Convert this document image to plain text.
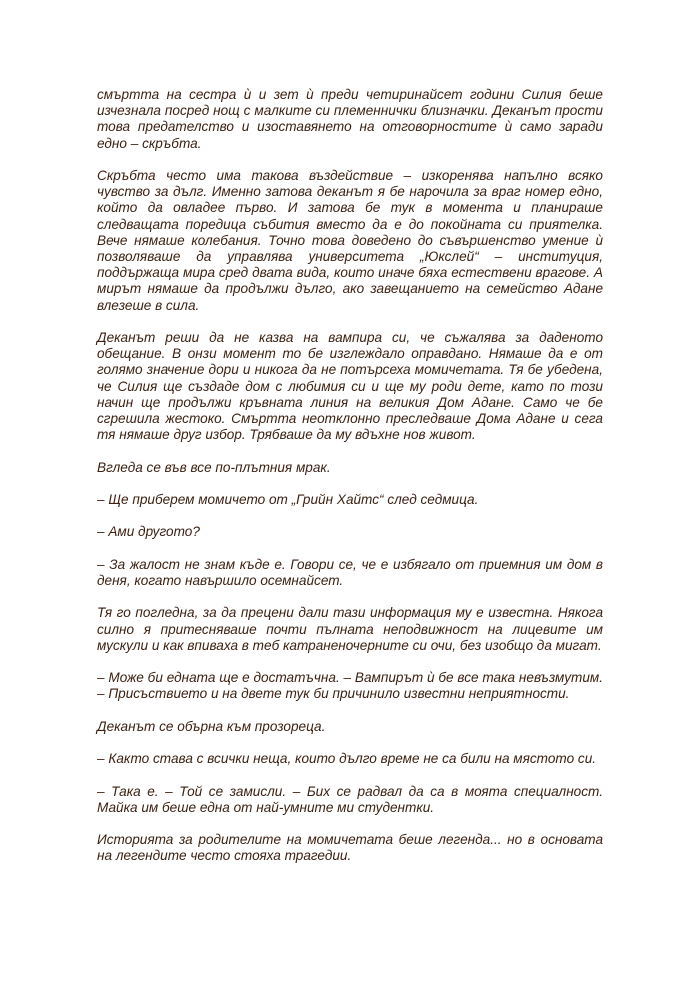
смъртта на сестра ѝ и зет ѝ преди четиринайсет години Силия беше изчезнала посред нощ с малките си племеннички близначки. Деканът прости това предателство и изоставянето на отговорностите ѝ само заради едно – скръбта.

Скръбта често има такова въздействие – изкоренява напълно всяко чувство за дълг. Именно затова деканът я бе нарочила за враг номер едно, който да овладее първо. И затова бе тук в момента и планираше следващата поредица събития вместо да е до покойната си приятелка. Вече нямаше колебания. Точно това доведено до съвършенство умение ѝ позволяваше да управлява университета „Юкслей“ – институция, поддържаща мира сред двата вида, които иначе бяха естествени врагове. А мирът нямаше да продължи дълго, ако завещанието на семейство Адане влезеше в сила.

Деканът реши да не казва на вампира си, че съжалява за даденото обещание. В онзи момент то бе изглеждало оправдано. Нямаше да е от голямо значение дори и никога да не потърсеха момичетата. Тя бе убедена, че Силия ще създаде дом с любимия си и ще му роди дете, като по този начин ще продължи кръвната линия на великия Дом Адане. Само че бе сгрешила жестоко. Смъртта неотклонно преследваше Дома Адане и сега тя нямаше друг избор. Трябваше да му вдъхне нов живот.

Вгледа се във все по-плътния мрак.

– Ще приберем момичето от „Грийн Хайтс“ след седмица.

– Ами другото?

– За жалост не знам къде е. Говори се, че е избягало от приемния им дом в деня, когато навършило осемнайсет.

Тя го погледна, за да прецени дали тази информация му е известна. Някога силно я притесняваше почти пълната неподвижност на лицевите им мускули и как впиваха в теб катраненочерните си очи, без изобщо да мигат.

– Може би едната ще е достатъчна. – Вампирът ѝ бе все така невъзмутим. – Присъствието и на двете тук би причинило известни неприятности.

Деканът се обърна към прозореца.

– Както става с всички неща, които дълго време не са били на мястото си.

– Така е. – Той се замисли. – Бих се радвал да са в моята специалност. Майка им беше една от най-умните ми студентки.

Историята за родителите на момичетата беше легенда... но в основата на легендите често стояха трагедии.
